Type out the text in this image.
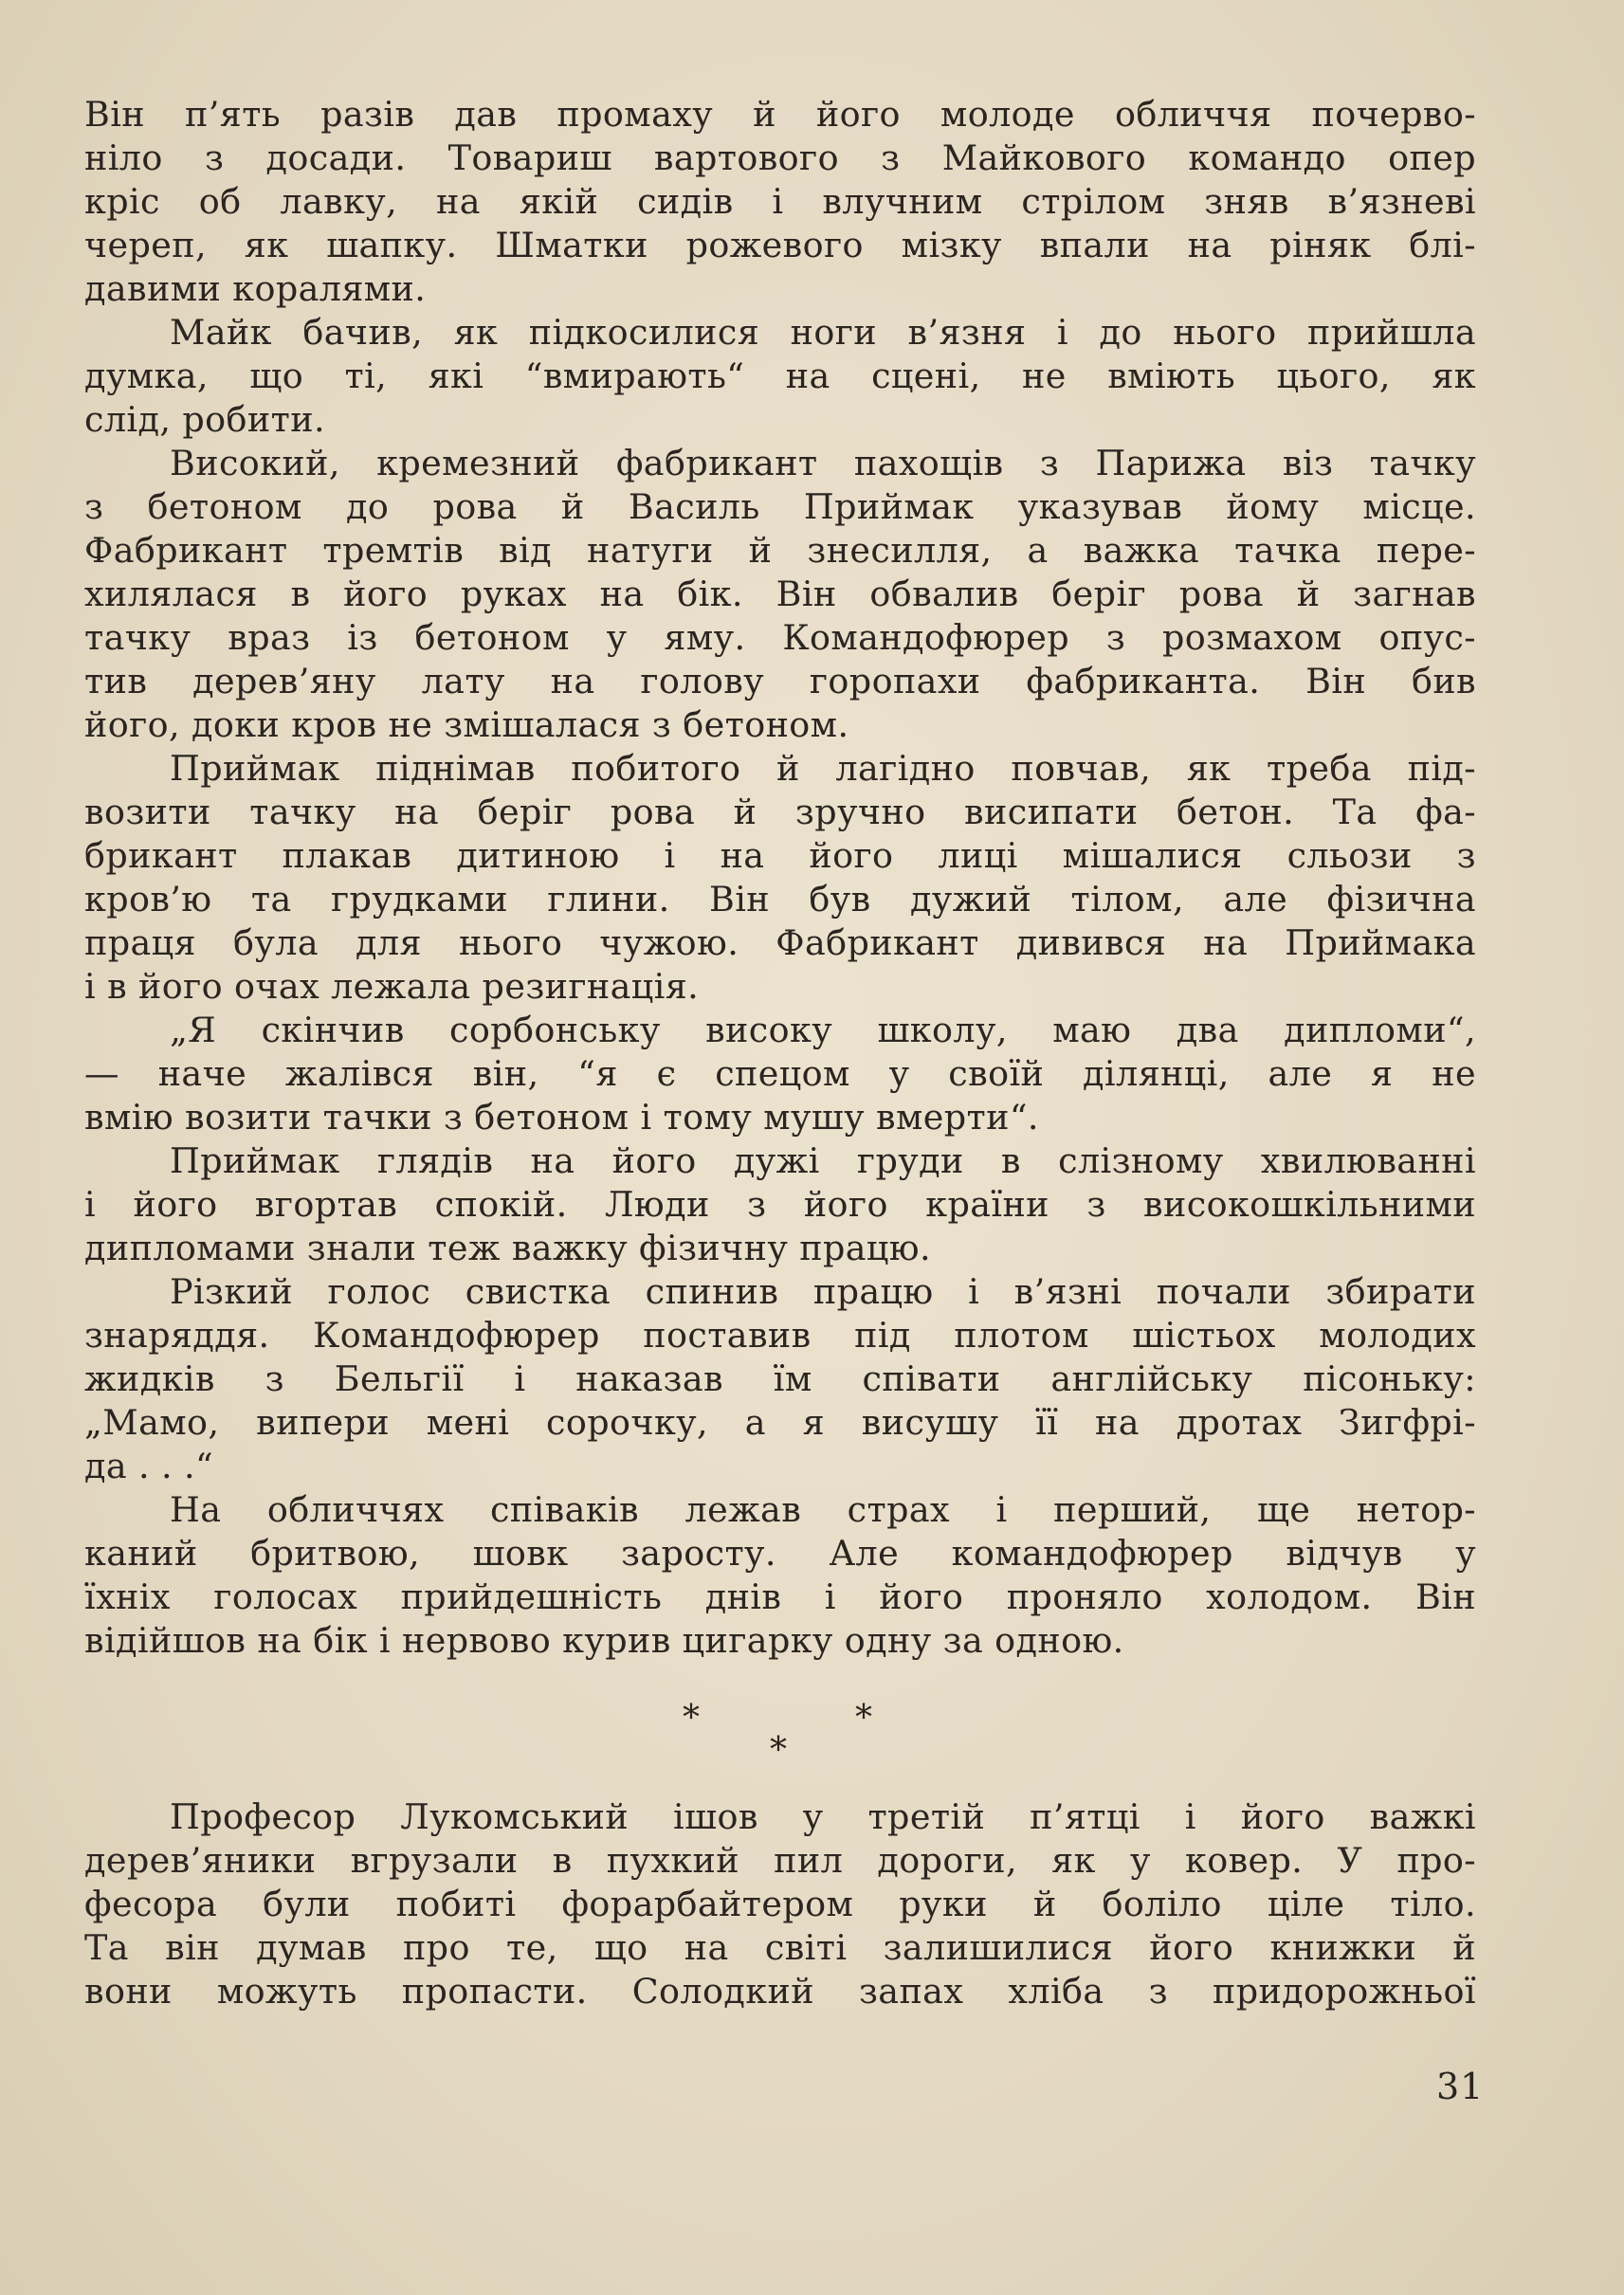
Він п’ять разів дав промаху й його молоде обличчя почерво-
ніло з досади. Товариш вартового з Майкового командо опер
кріс об лавку, на якій сидів і влучним стрілом зняв в’язневі
череп, як шапку. Шматки рожевого мізку впали на ріняк блі-
давими коралями.
Майк бачив, як підкосилися ноги в’язня і до нього прийшла
думка, що ті, які “вмирають“ на сцені, не вміють цього, як
слід, робити.
Високий, кремезний фабрикант пахощів з Парижа віз тачку
з бетоном до рова й Василь Приймак указував йому місце.
Фабрикант тремтів від натуги й знесилля, а важка тачка пере-
хилялася в його руках на бік. Він обвалив беріг рова й загнав
тачку враз із бетоном у яму. Командофюрер з розмахом опус-
тив дерев’яну лату на голову горопахи фабриканта. Він бив
його, доки кров не змішалася з бетоном.
Приймак піднімав побитого й лагідно повчав, як треба під-
возити тачку на беріг рова й зручно висипати бетон. Та фа-
брикант плакав дитиною і на його лиці мішалися сльози з
кров’ю та грудками глини. Він був дужий тілом, але фізична
праця була для нього чужою. Фабрикант дивився на Приймака
і в його очах лежала резигнація.
„Я скінчив сорбонську високу школу, маю два дипломи“,
— наче жалівся він, “я є спецом у своїй ділянці, але я не
вмію возити тачки з бетоном і тому мушу вмерти“.
Приймак глядів на його дужі груди в слізному хвилюванні
і його вгортав спокій. Люди з його країни з високошкільними
дипломами знали теж важку фізичну працю.
Різкий голос свистка спинив працю і в’язні почали збирати
знаряддя. Командофюрер поставив під плотом шістьох молодих
жидків з Бельгії і наказав їм співати англійську пісоньку:
„Мамо, випери мені сорочку, а я висушу її на дротах Зигфрі-
да . . .“
На обличчях співаків лежав страх і перший, ще нетор-
каний бритвою, шовк заросту. Але командофюрер відчув у
їхніх голосах прийдешність днів і його проняло холодом. Він
відійшов на бік і нервово курив цигарку одну за одною.
*	*
*
Професор Лукомський ішов у третій п’ятці і його важкі
дерев’яники вгрузали в пухкий пил дороги, як у ковер. У про-
фесора були побиті форарбайтером руки й боліло ціле тіло.
Та він думав про те, що на світі залишилися його книжки й
вони можуть пропасти. Солодкий запах хліба з придорожньої
31
